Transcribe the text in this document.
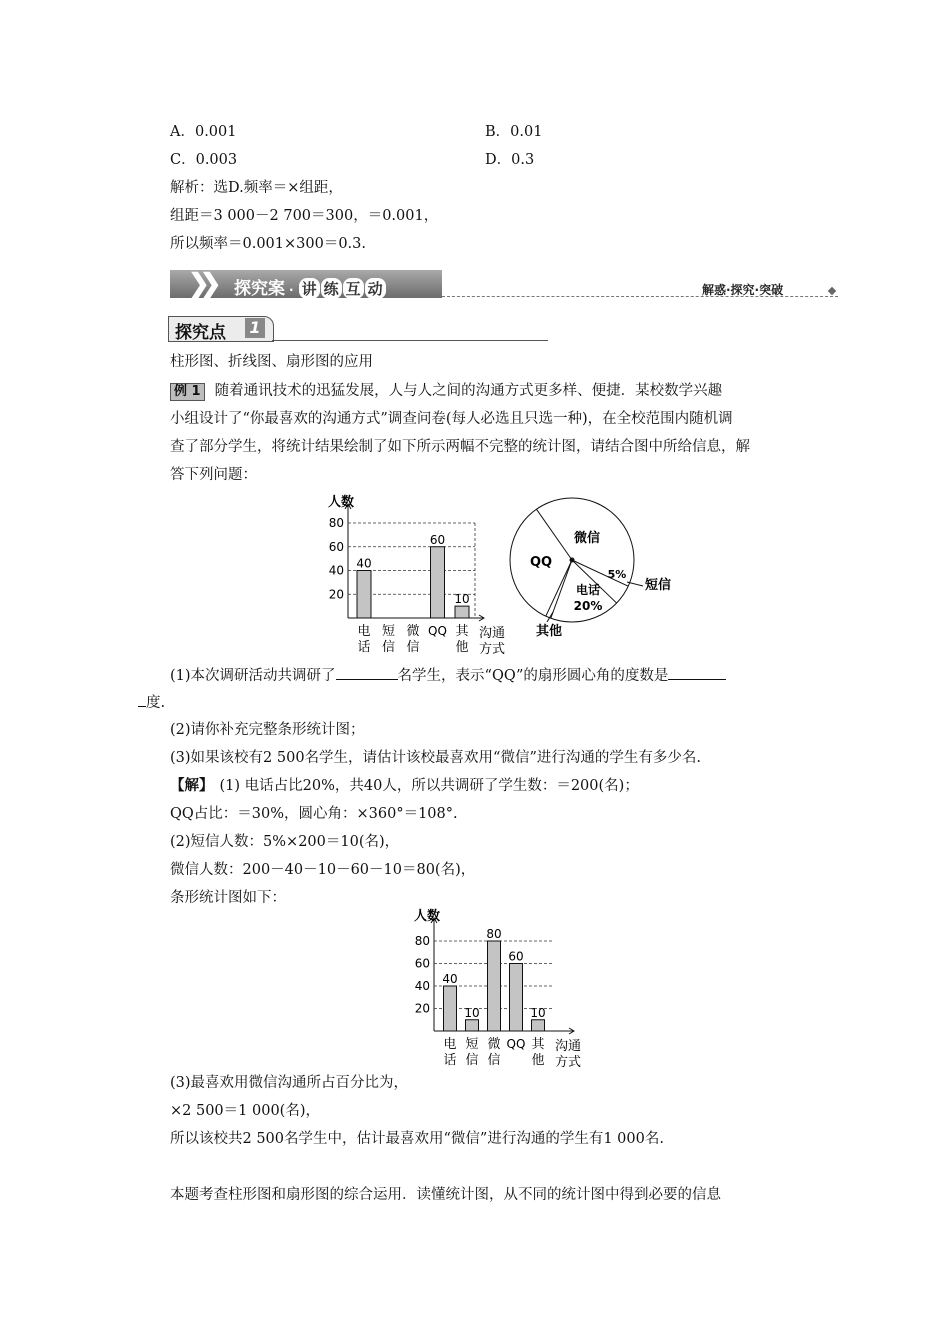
A．0.001	B．0.01
C．0.003	D．0.3
解析：选D.频率＝×组距，
组距＝3 000－2 700＝300，＝0.001，
所以频率＝0.001×300＝0.3.
❯❯ 探究案 · 讲 练 互 动	解惑·探究·突破
探究点 1
柱形图、折线图、扇形图的应用
例 1 随着通讯技术的迅猛发展，人与人之间的沟通方式更多样、便捷．某校数学兴趣
小组设计了“你最喜欢的沟通方式”调查问卷(每人必选且只选一种)，在全校范围内随机调
查了部分学生，将统计结果绘制了如下所示两幅不完整的统计图，请结合图中所给信息，解
答下列问题：
20
40
60
80
人数
40
电
话
短
信
微
信
60
QQ
10
其
他
沟通
方式
微信
QQ
电话
20%
5%
短信
其他
(1)本次调研活动共调研了	名学生，表示“QQ”的扇形圆心角的度数是
度.
(2)请你补充完整条形统计图；
(3)如果该校有2 500名学生，请估计该校最喜欢用“微信”进行沟通的学生有多少名.
【解】 (1) 电话占比20%，共40人，所以共调研了学生数：＝200(名)；
QQ占比：＝30%，圆心角：×360°＝108°.
(2)短信人数：5%×200＝10(名)，
微信人数：200－40－10－60－10＝80(名)，
条形统计图如下：
20
40
60
80
人数
40
电
话
10
短
信
80
微
信
60
QQ
10
其
他
沟通
方式
(3)最喜欢用微信沟通所占百分比为，
×2 500＝1 000(名)，
所以该校共2 500名学生中，估计最喜欢用“微信”进行沟通的学生有1 000名.
本题考查柱形图和扇形图的综合运用．读懂统计图，从不同的统计图中得到必要的信息
